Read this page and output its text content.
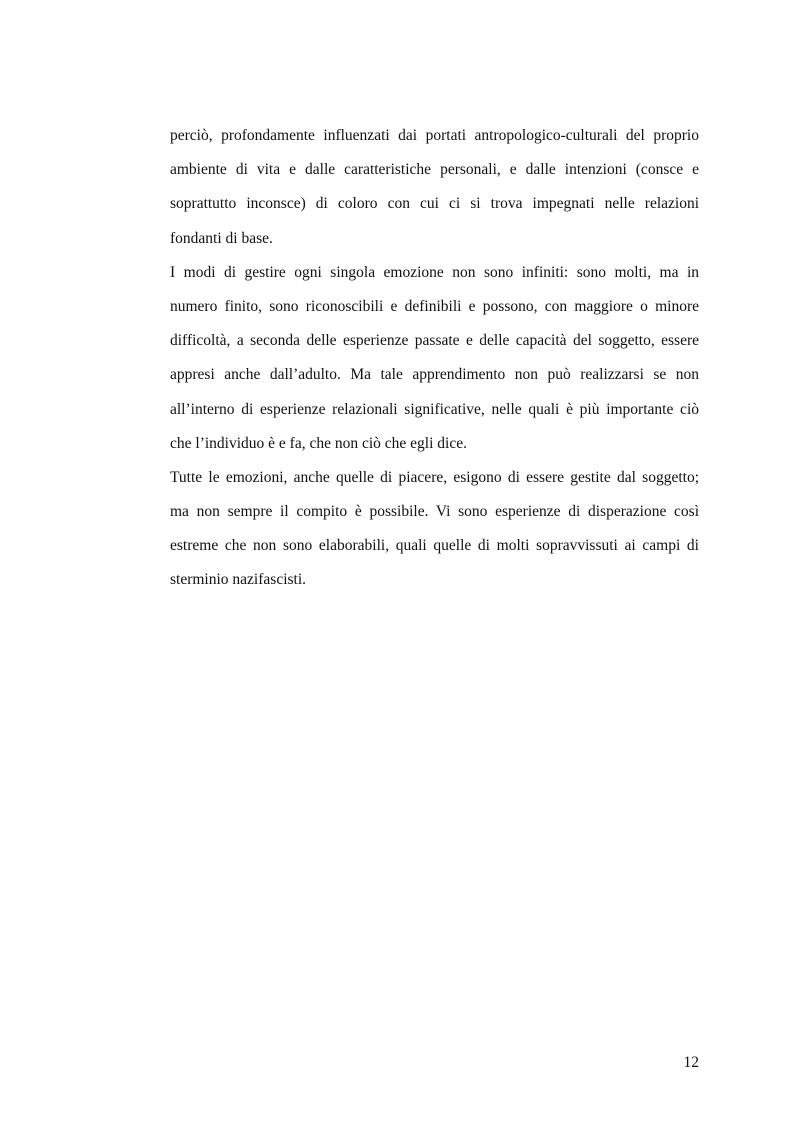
perciò, profondamente influenzati dai portati antropologico-culturali del proprio
ambiente di vita e dalle caratteristiche personali, e dalle intenzioni (consce e
soprattutto inconsce) di coloro con cui ci si trova impegnati nelle relazioni
fondanti di base.
I modi di gestire ogni singola emozione non sono infiniti: sono molti, ma in
numero finito, sono riconoscibili e definibili e possono, con maggiore o minore
difficoltà, a seconda delle esperienze passate e delle capacità del soggetto, essere
appresi anche dall’adulto. Ma tale apprendimento non può realizzarsi se non
all’interno di esperienze relazionali significative, nelle quali è più importante ciò
che l’individuo è e fa, che non ciò che egli dice.
Tutte le emozioni, anche quelle di piacere, esigono di essere gestite dal soggetto;
ma non sempre il compito è possibile. Vi sono esperienze di disperazione così
estreme che non sono elaborabili, quali quelle di molti sopravvissuti ai campi di
sterminio nazifascisti.
12
